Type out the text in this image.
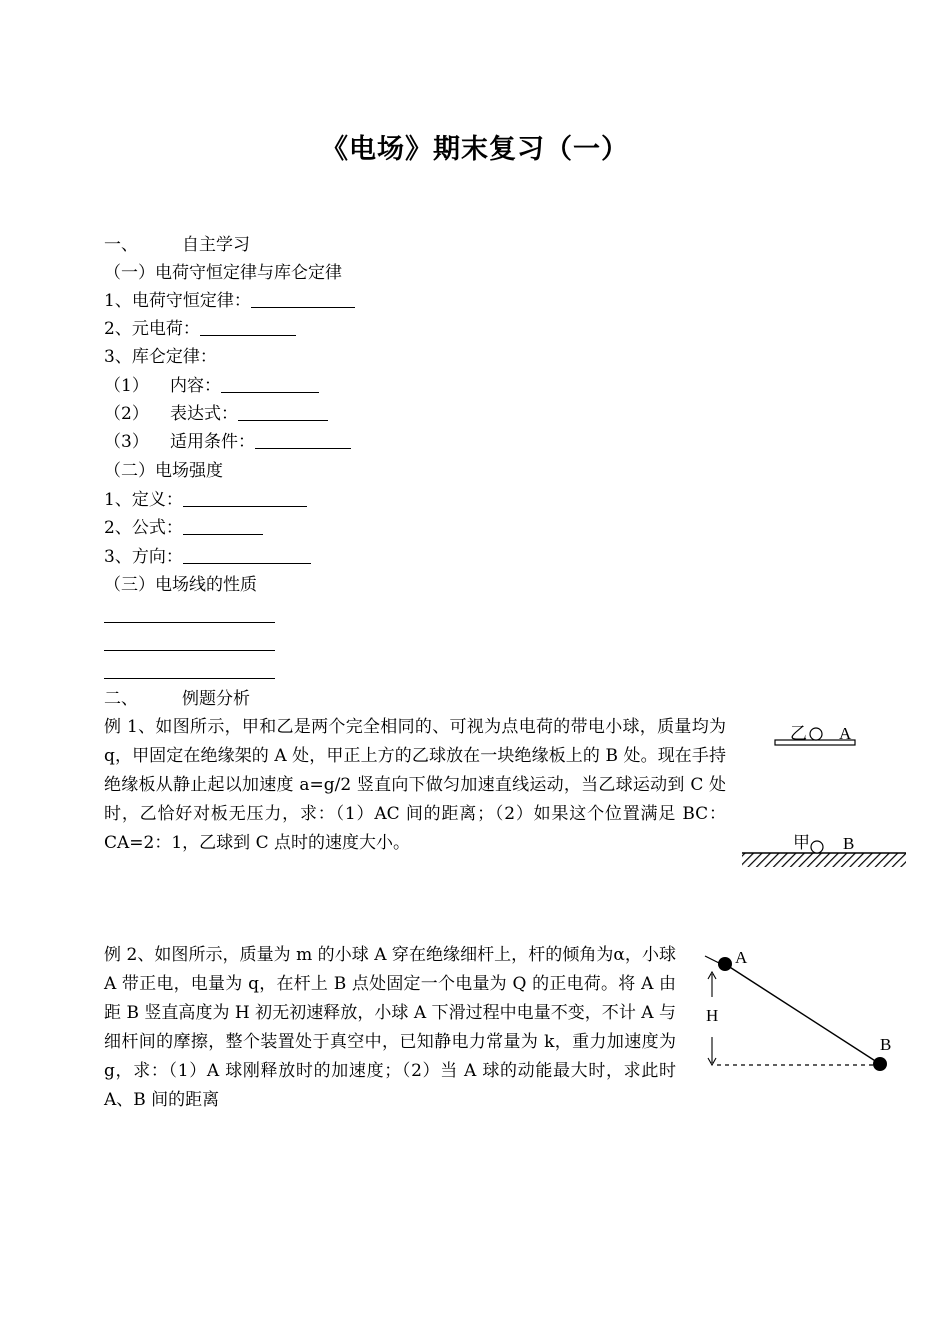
《电场》期末复习（一）
一、	自主学习
（一）电荷守恒定律与库仑定律
1、电荷守恒定律：
2、元电荷：
3、库仑定律：
（1） 内容：
（2） 表达式：
（3） 适用条件：
（二）电场强度
1、定义：
2、公式：
3、方向：
（三）电场线的性质
二、	例题分析
例 1、如图所示，甲和乙是两个完全相同的、可视为点电荷的带电小球，质量均为 q，甲固定在绝缘架的 A 处，甲正上方的乙球放在一块绝缘板上的 B 处。现在手持绝缘板从静止起以加速度 a=g/2 竖直向下做匀加速直线运动，当乙球运动到 C 处时，乙恰好对板无压力，求：（1）AC 间的距离；（2）如果这个位置满足 BC：CA=2：1，乙球到 C 点时的速度大小。
乙 A
甲 B
例 2、如图所示，质量为 m 的小球 A 穿在绝缘细杆上，杆的倾角为α，小球 A 带正电，电量为 q，在杆上 B 点处固定一个电量为 Q 的正电荷。将 A 由距 B 竖直高度为 H 初无初速释放，小球 A 下滑过程中电量不变，不计 A 与细杆间的摩擦，整个装置处于真空中，已知静电力常量为 k，重力加速度为 g，求：（1）A 球刚释放时的加速度；（2）当 A 球的动能最大时，求此时 A、B 间的距离
A
B
H
